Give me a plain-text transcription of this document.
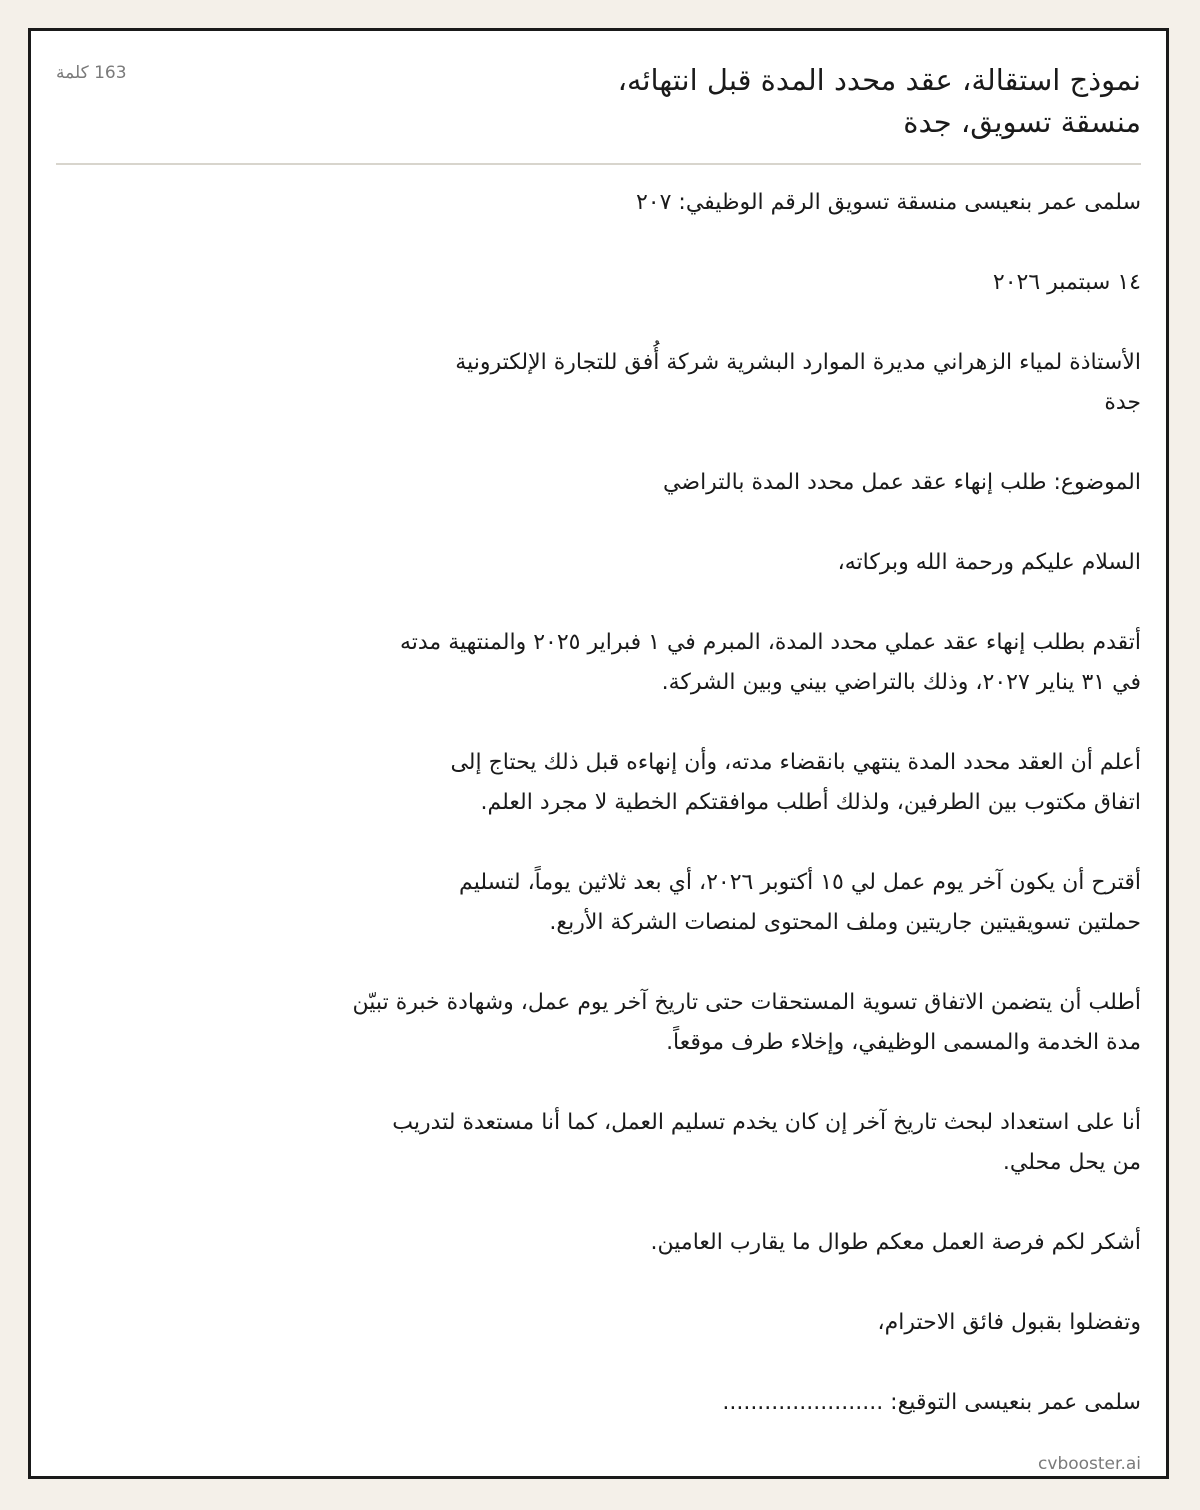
نموذج استقالة، عقد محدد المدة قبل انتهائه،
منسقة تسويق، جدة
163 كلمة

سلمى عمر بنعيسى منسقة تسويق الرقم الوظيفي: ٢٠٧

١٤ سبتمبر ٢٠٢٦

الأستاذة لمياء الزهراني مديرة الموارد البشرية شركة أُفق للتجارة الإلكترونية
جدة

الموضوع: طلب إنهاء عقد عمل محدد المدة بالتراضي

السلام عليكم ورحمة الله وبركاته،

أتقدم بطلب إنهاء عقد عملي محدد المدة، المبرم في ١ فبراير ٢٠٢٥ والمنتهية مدته
في ٣١ يناير ٢٠٢٧، وذلك بالتراضي بيني وبين الشركة.

أعلم أن العقد محدد المدة ينتهي بانقضاء مدته، وأن إنهاءه قبل ذلك يحتاج إلى
اتفاق مكتوب بين الطرفين، ولذلك أطلب موافقتكم الخطية لا مجرد العلم.

أقترح أن يكون آخر يوم عمل لي ١٥ أكتوبر ٢٠٢٦، أي بعد ثلاثين يوماً، لتسليم
حملتين تسويقيتين جاريتين وملف المحتوى لمنصات الشركة الأربع.

أطلب أن يتضمن الاتفاق تسوية المستحقات حتى تاريخ آخر يوم عمل، وشهادة خبرة تبيّن
مدة الخدمة والمسمى الوظيفي، وإخلاء طرف موقعاً.

أنا على استعداد لبحث تاريخ آخر إن كان يخدم تسليم العمل، كما أنا مستعدة لتدريب
من يحل محلي.

أشكر لكم فرصة العمل معكم طوال ما يقارب العامين.

وتفضلوا بقبول فائق الاحترام،

سلمى عمر بنعيسى التوقيع: .......................

cvbooster.ai
